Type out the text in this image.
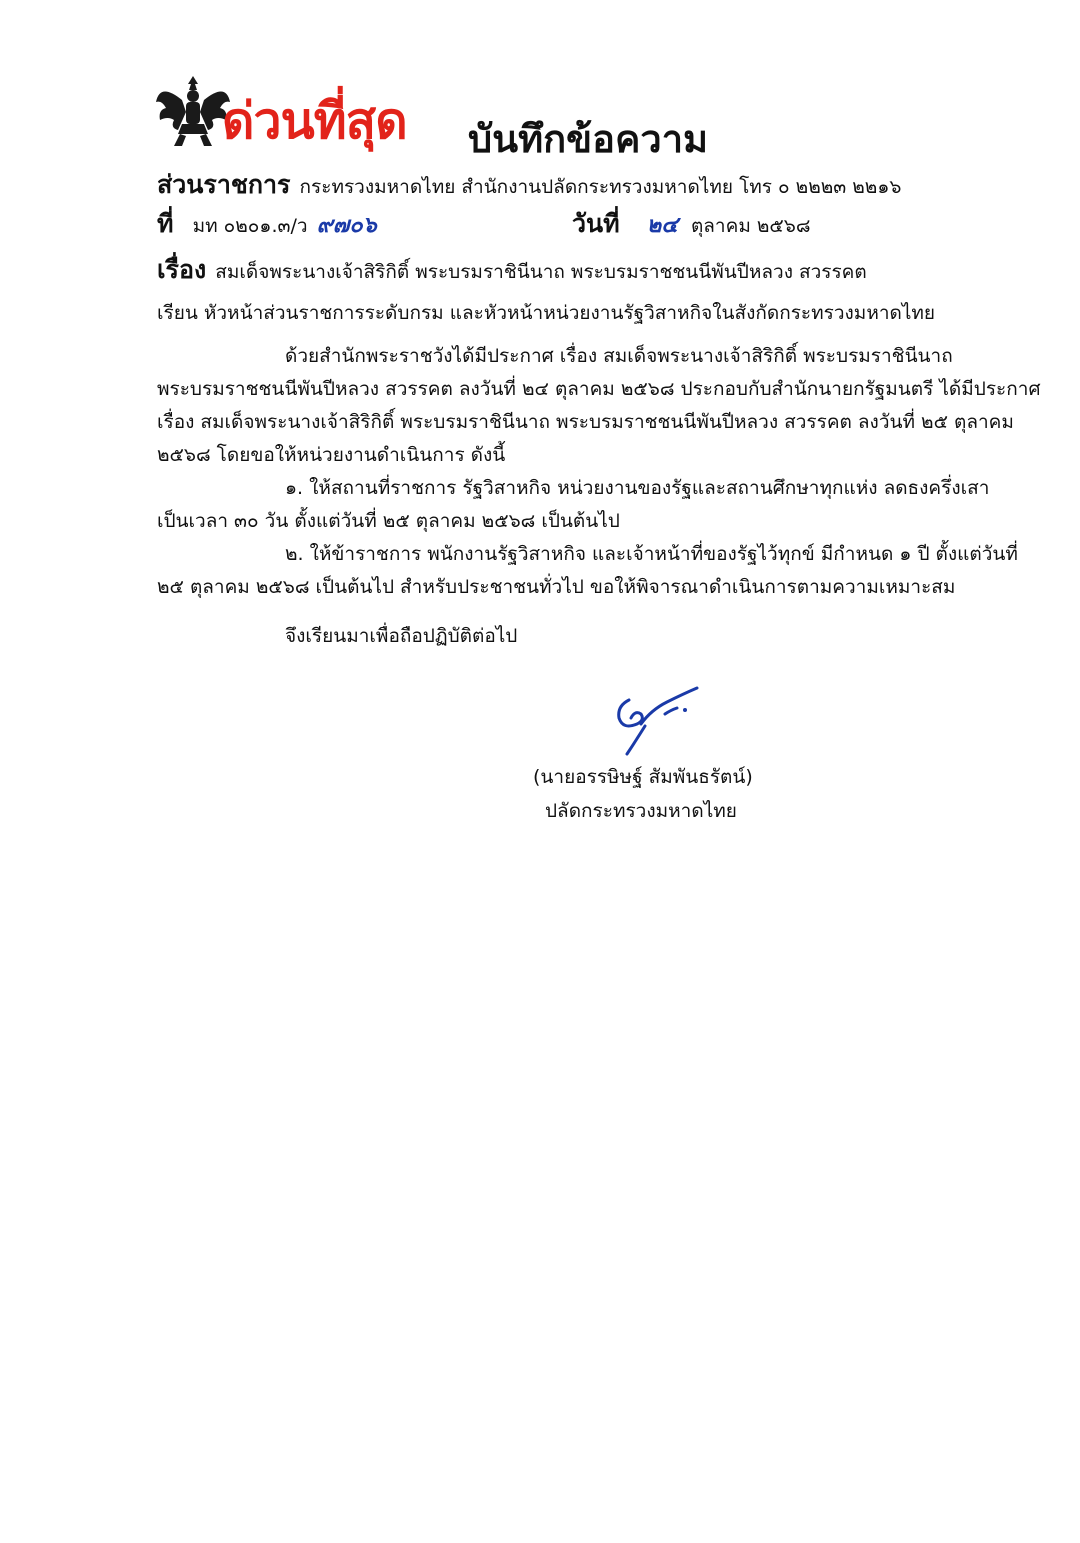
ด่วนที่สุด บันทึกข้อความ
ส่วนราชการ กระทรวงมหาดไทย สำนักงานปลัดกระทรวงมหาดไทย โทร ๐ ๒๒๒๓ ๒๒๑๖
ที่ มท ๐๒๐๑.๓/ว ๙๗๐๖	วันที่ ๒๔ ตุลาคม ๒๕๖๘
เรื่อง สมเด็จพระนางเจ้าสิริกิติ์ พระบรมราชินีนาถ พระบรมราชชนนีพันปีหลวง สวรรคต
เรียน หัวหน้าส่วนราชการระดับกรม และหัวหน้าหน่วยงานรัฐวิสาหกิจในสังกัดกระทรวงมหาดไทย
ด้วยสำนักพระราชวังได้มีประกาศ เรื่อง สมเด็จพระนางเจ้าสิริกิติ์ พระบรมราชินีนาถ
พระบรมราชชนนีพันปีหลวง สวรรคต ลงวันที่ ๒๔ ตุลาคม ๒๕๖๘ ประกอบกับสำนักนายกรัฐมนตรี ได้มีประกาศ
เรื่อง สมเด็จพระนางเจ้าสิริกิติ์ พระบรมราชินีนาถ พระบรมราชชนนีพันปีหลวง สวรรคต ลงวันที่ ๒๕ ตุลาคม
๒๕๖๘ โดยขอให้หน่วยงานดำเนินการ ดังนี้
๑. ให้สถานที่ราชการ รัฐวิสาหกิจ หน่วยงานของรัฐและสถานศึกษาทุกแห่ง ลดธงครึ่งเสา
เป็นเวลา ๓๐ วัน ตั้งแต่วันที่ ๒๕ ตุลาคม ๒๕๖๘ เป็นต้นไป
๒. ให้ข้าราชการ พนักงานรัฐวิสาหกิจ และเจ้าหน้าที่ของรัฐไว้ทุกข์ มีกำหนด ๑ ปี ตั้งแต่วันที่
๒๕ ตุลาคม ๒๕๖๘ เป็นต้นไป สำหรับประชาชนทั่วไป ขอให้พิจารณาดำเนินการตามความเหมาะสม
จึงเรียนมาเพื่อถือปฏิบัติต่อไป
(นายอรรษิษฐ์ สัมพันธรัตน์)
ปลัดกระทรวงมหาดไทย
